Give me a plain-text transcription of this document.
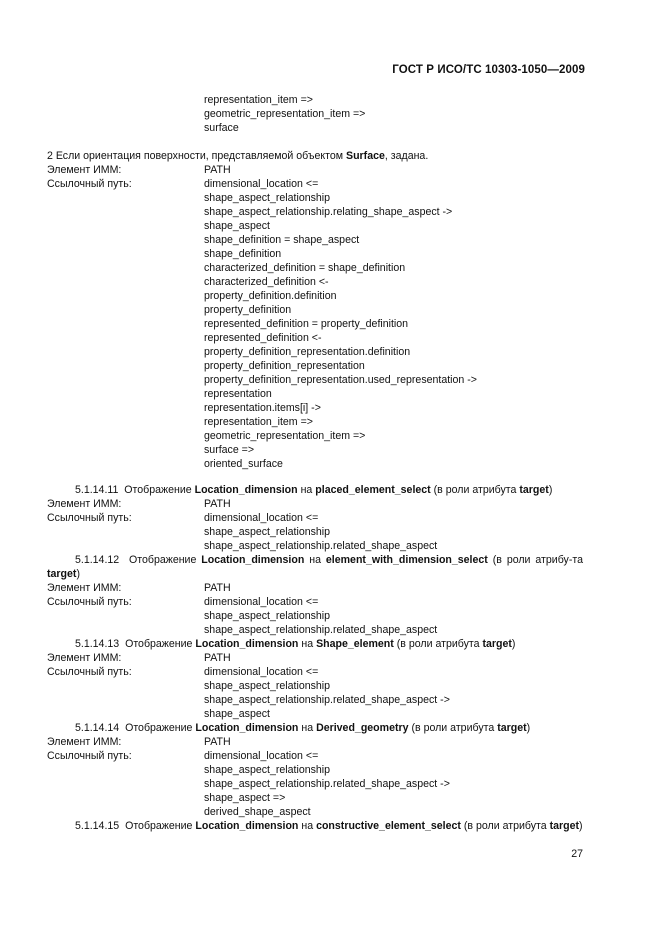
ГОСТ Р ИСО/ТС 10303-1050—2009
representation_item =>
geometric_representation_item =>
surface
2 Если ориентация поверхности, представляемой объектом Surface, задана.
Элемент ИММ:	PATH
Ссылочный путь:	dimensional_location <=
shape_aspect_relationship
shape_aspect_relationship.relating_shape_aspect ->
shape_aspect
shape_definition = shape_aspect
shape_definition
characterized_definition = shape_definition
characterized_definition <-
property_definition.definition
property_definition
represented_definition = property_definition
represented_definition <-
property_definition_representation.definition
property_definition_representation
property_definition_representation.used_representation ->
representation
representation.items[i] ->
representation_item =>
geometric_representation_item =>
surface =>
oriented_surface
5.1.14.11 Отображение Location_dimension на placed_element_select (в роли атрибута target)
Элемент ИММ:	PATH
Ссылочный путь:	dimensional_location <=
shape_aspect_relationship
shape_aspect_relationship.related_shape_aspect
5.1.14.12 Отображение Location_dimension на element_with_dimension_select (в роли атрибу-та target)
Элемент ИММ:	PATH
Ссылочный путь:	dimensional_location <=
shape_aspect_relationship
shape_aspect_relationship.related_shape_aspect
5.1.14.13 Отображение Location_dimension на Shape_element (в роли атрибута target)
Элемент ИММ:	PATH
Ссылочный путь:	dimensional_location <=
shape_aspect_relationship
shape_aspect_relationship.related_shape_aspect ->
shape_aspect
5.1.14.14 Отображение Location_dimension на Derived_geometry (в роли атрибута target)
Элемент ИММ:	PATH
Ссылочный путь:	dimensional_location <=
shape_aspect_relationship
shape_aspect_relationship.related_shape_aspect ->
shape_aspect =>
derived_shape_aspect
5.1.14.15 Отображение Location_dimension на constructive_element_select (в роли атрибута target)
27
